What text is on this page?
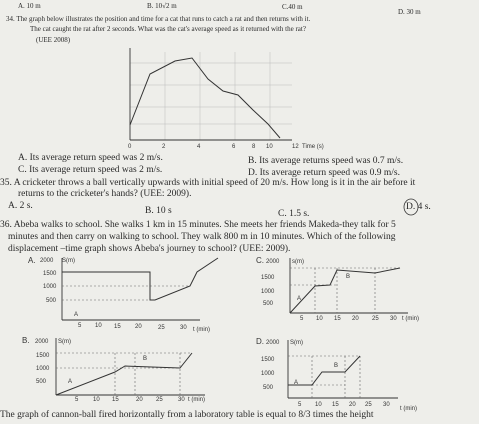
A. 10 m	B. 10√2 m	C.40 m
D. 30 m
34. The graph below illustrates the position and time for a cat that runs to catch a rat and then returns with it.
The cat caught the rat after 2 seconds. What was the cat's average speed as it returned with the rat?
(UEE 2008)
0	2	4	6	8 10	12 Time (s)
A. Its average return speed was 2 m/s.	B. Its average returns speed was 0.7 m/s.
C. Its average return speed was 2 m/s.	D. Its average return speed was 0.9 m/s.
35. A cricketer throws a ball vertically upwards with initial speed of 20 m/s. How long is it in the air before it
returns to the cricketer's hands? (UEE: 2009).
A. 2 s.	B. 10 s	C. 1.5 s.
D. 4 s.
36. Abeba walks to school. She walks 1 km in 15 minutes. She meets her friends Makeda-they talk for 5
minutes and then carry on walking to school. They walk 800 m in 10 minutes. Which of the following
displacement –time graph shows Abeba's journey to school? (UEE: 2009).
A. 2000 S(m)
1500
1000
500
A
5 10 15 20	25	30 t (min)
B. 2000 S(m)
1500
1000
500	A
B
5 10 15	20 25	30 t (min)
C. 2000 s(m)
1500
1000
500
A
B
5 10 15 20 25 30 t (min)
D. 2000 S(m)
1500
1000
500
A
B
5 10 15 20 25 30
t (min)
The graph of cannon-ball fired horizontally from a laboratory table is equal to 8/3 times the height
